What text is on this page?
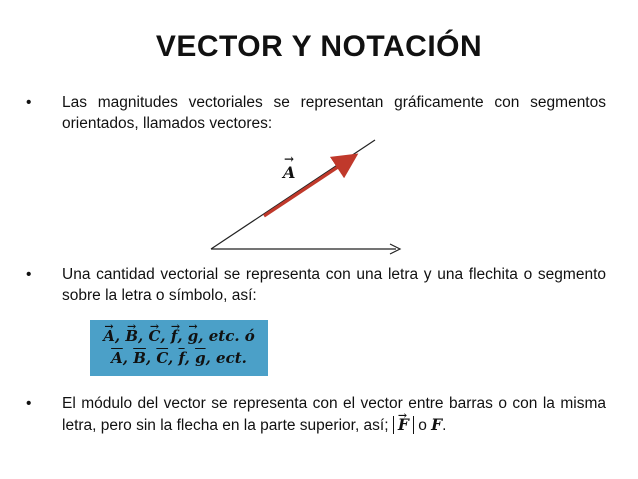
VECTOR Y NOTACIÓN
•	Las magnitudes vectoriales se representan gráficamente con segmentos orientados, llamados vectores:
→
A
•	Una cantidad vectorial se representa con una letra y una flechita o segmento sobre la letra o símbolo, así:
→ A, → B, → C, → f, → g, etc. ó
$\overline{A}$, $\overline{B}$, $\overline{C}$, $\overline{f}$, $\overline{g}$, ect.
•	El módulo del vector se representa con el vector entre barras o con la misma letra, pero sin la flecha en la parte superior, así; → F o F.
